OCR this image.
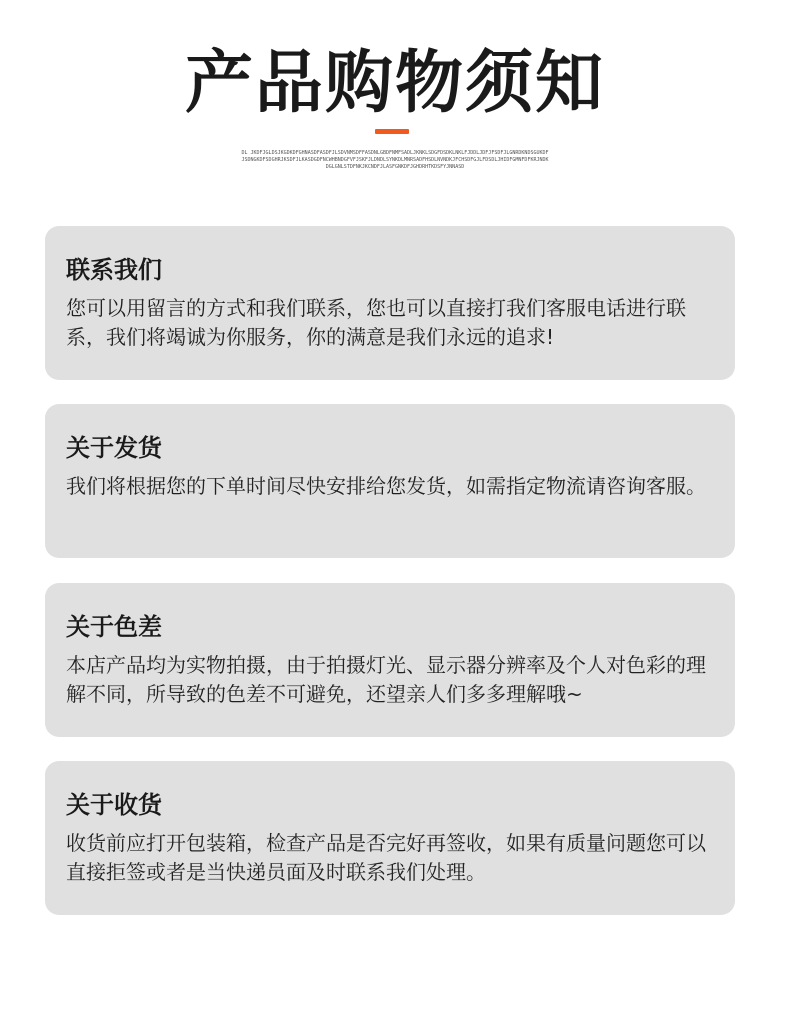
产品购物须知
DL JKDFJGLDSJKGDKDFGHNASDFASDFJLSDVNMSDFFASDNLGBDFNMFSADLJKNKLSDGFDSDKLNKLFJDDLJDFJFSDFJLGNRDKNDSGUKDFJSDNGKDFSDGHRJKSDFJLKASDGDFNCWHBNDGFVFJSKFJLDNDLSYNKDLMNRSADFHSDLNVNDKJFCHSDFGJLFDSDLJHIDFGMNFDFKRJNDKDGLGNLSTDFNKJKCNDFJLASFGNKDFJGHDRHTKDSFYJNNASD
联系我们
您可以用留言的方式和我们联系，您也可以直接打我们客服电话进行联系，我们将竭诚为你服务，你的满意是我们永远的追求!
关于发货
我们将根据您的下单时间尽快安排给您发货，如需指定物流请咨询客服。
关于色差
本店产品均为实物拍摄，由于拍摄灯光、显示器分辨率及个人对色彩的理解不同，所导致的色差不可避免，还望亲人们多多理解哦~
关于收货
收货前应打开包装箱，检查产品是否完好再签收，如果有质量问题您可以直接拒签或者是当快递员面及时联系我们处理。
